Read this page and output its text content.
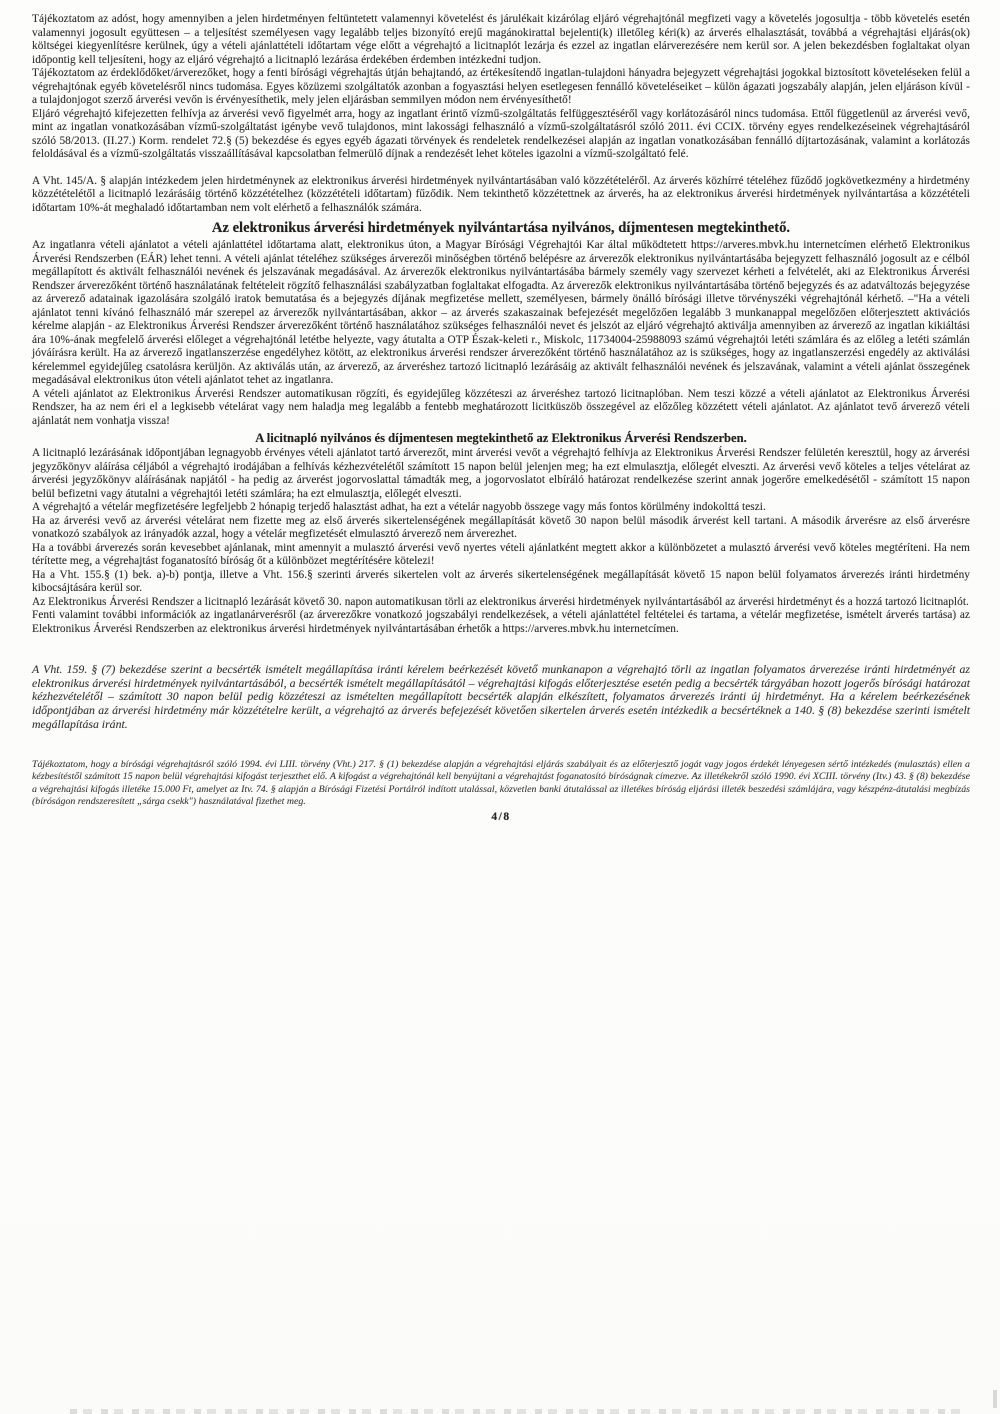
Tájékoztatom az adóst, hogy amennyiben a jelen hirdetményen feltüntetett valamennyi követelést és járulékait kizárólag eljáró végrehajtónál megfizeti vagy a követelés jogosultja - több követelés esetén valamennyi jogosult együttesen – a teljesítést személyesen vagy legalább teljes bizonyító erejű magánokirattal bejelenti(k) illetőleg kéri(k) az árverés elhalasztását, továbbá a végrehajtási eljárás(ok) költségei kiegyenlítésre kerülnek, úgy a vételi ajánlattételi időtartam vége előtt a végrehajtó a licitnaplót lezárja és ezzel az ingatlan elárverezésére nem kerül sor. A jelen bekezdésben foglaltakat olyan időpontig kell teljesíteni, hogy az eljáró végrehajtó a licitnapló lezárása érdekében érdemben intézkedni tudjon.

Tájékoztatom az érdeklődőket/árverezőket, hogy a fenti bírósági végrehajtás útján behajtandó, az értékesítendő ingatlan-tulajdoni hányadra bejegyzett végrehajtási jogokkal biztosított követeléseken felül a végrehajtónak egyéb követelésről nincs tudomása. Egyes közüzemi szolgáltatók azonban a fogyasztási helyen esetlegesen fennálló követeléseiket – külön ágazati jogszabály alapján, jelen eljáráson kívül - a tulajdonjogot szerző árverési vevőn is érvényesíthetik, mely jelen eljárásban semmilyen módon nem érvényesíthető!

Eljáró végrehajtó kifejezetten felhívja az árverési vevő figyelmét arra, hogy az ingatlant érintő vízmű-szolgáltatás felfüggesztéséről vagy korlátozásáról nincs tudomása. Ettől függetlenül az árverési vevő, mint az ingatlan vonatkozásában vízmű-szolgáltatást igénybe vevő tulajdonos, mint lakossági felhasználó a vízmű-szolgáltatásról szóló 2011. évi CCIX. törvény egyes rendelkezéseinek végrehajtásáról szóló 58/2013. (II.27.) Korm. rendelet 72.§ (5) bekezdése és egyes egyéb ágazati törvények és rendeletek rendelkezései alapján az ingatlan vonatkozásában fennálló díjtartozásának, valamint a korlátozás feloldásával és a vízmű-szolgáltatás visszaállításával kapcsolatban felmerülő díjnak a rendezését lehet köteles igazolni a vízmű-szolgáltató felé.

A Vht. 145/A. § alapján intézkedem jelen hirdetménynek az elektronikus árverési hirdetmények nyilvántartásában való közzétételéről. Az árverés közhírré tételéhez fűződő jogkövetkezmény a hirdetmény közzétételétől a licitnapló lezárásáig történő közzétételhez (közzétételi időtartam) fűződik. Nem tekinthető közzétettnek az árverés, ha az elektronikus árverési hirdetmények nyilvántartása a közzétételi időtartam 10%-át meghaladó időtartamban nem volt elérhető a felhasználók számára.

Az elektronikus árverési hirdetmények nyilvántartása nyilvános, díjmentesen megtekinthető.

Az ingatlanra vételi ajánlatot a vételi ajánlattétel időtartama alatt, elektronikus úton, a Magyar Bírósági Végrehajtói Kar által működtetett https://arveres.mbvk.hu internetcímen elérhető Elektronikus Árverési Rendszerben (EÁR) lehet tenni. A vételi ajánlat tételéhez szükséges árverezői minőségben történő belépésre az árverezők elektronikus nyilvántartásába bejegyzett felhasználó jogosult az e célból megállapított és aktivált felhasználói nevének és jelszavának megadásával. Az árverezők elektronikus nyilvántartásába bármely személy vagy szervezet kérheti a felvételét, aki az Elektronikus Árverési Rendszer árverezőként történő használatának feltételeit rögzítő felhasználási szabályzatban foglaltakat elfogadta. Az árverezők elektronikus nyilvántartásába történő bejegyzés és az adatváltozás bejegyzése az árverező adatainak igazolására szolgáló iratok bemutatása és a bejegyzés díjának megfizetése mellett, személyesen, bármely önálló bírósági illetve törvényszéki végrehajtónál kérhető. –"Ha a vételi ajánlatot tenni kívánó felhasználó már szerepel az árverezők nyilvántartásában, akkor – az árverés szakaszainak befejezését megelőzően legalább 3 munkanappal megelőzően előterjesztett aktivációs kérelme alapján - az Elektronikus Árverési Rendszer árverezőként történő használatához szükséges felhasználói nevet és jelszót az eljáró végrehajtó aktiválja amennyiben az árverező az ingatlan kikiáltási ára 10%-ának megfelelő árverési előleget a végrehajtónál letétbe helyezte, vagy átutalta a OTP Észak-keleti r., Miskolc, 11734004-25988093 számú végrehajtói letéti számlára és az előleg a letéti számlán jóváírásra került. Ha az árverező ingatlanszerzése engedélyhez kötött, az elektronikus árverési rendszer árverezőként történő használatához az is szükséges, hogy az ingatlanszerzési engedély az aktiválási kérelemmel egyidejűleg csatolásra kerüljön. Az aktiválás után, az árverező, az árveréshez tartozó licitnapló lezárásáig az aktivált felhasználói nevének és jelszavának, valamint a vételi ajánlat összegének megadásával elektronikus úton vételi ajánlatot tehet az ingatlanra.

A vételi ajánlatot az Elektronikus Árverési Rendszer automatikusan rögzíti, és egyidejűleg közzéteszi az árveréshez tartozó licitnaplóban. Nem teszi közzé a vételi ajánlatot az Elektronikus Árverési Rendszer, ha az nem éri el a legkisebb vételárat vagy nem haladja meg legalább a fentebb meghatározott licitküszöb összegével az előzőleg közzétett vételi ajánlatot. Az ajánlatot tevő árverező vételi ajánlatát nem vonhatja vissza!

A licitnapló nyilvános és díjmentesen megtekinthető az Elektronikus Árverési Rendszerben.

A licitnapló lezárásának időpontjában legnagyobb érvényes vételi ajánlatot tartó árverezőt, mint árverési vevőt a végrehajtó felhívja az Elektronikus Árverési Rendszer felületén keresztül, hogy az árverési jegyzőkönyv aláírása céljából a végrehajtó irodájában a felhívás kézhezvételétől számított 15 napon belül jelenjen meg; ha ezt elmulasztja, előlegét elveszti. Az árverési vevő köteles a teljes vételárat az árverési jegyzőkönyv aláírásának napjától - ha pedig az árverést jogorvoslattal támadták meg, a jogorvoslatot elbíráló határozat rendelkezése szerint annak jogerőre emelkedésétől - számított 15 napon belül befizetni vagy átutalni a végrehajtói letéti számlára; ha ezt elmulasztja, előlegét elveszti.

A végrehajtó a vételár megfizetésére legfeljebb 2 hónapig terjedő halasztást adhat, ha ezt a vételár nagyobb összege vagy más fontos körülmény indokolttá teszi.

Ha az árverési vevő az árverési vételárat nem fizette meg az első árverés sikertelenségének megállapítását követő 30 napon belül második árverést kell tartani. A második árverésre az első árverésre vonatkozó szabályok az irányadók azzal, hogy a vételár megfizetését elmulasztó árverező nem árverezhet.

Ha a további árverezés során kevesebbet ajánlanak, mint amennyit a mulasztó árverési vevő nyertes vételi ajánlatként megtett akkor a különbözetet a mulasztó árverési vevő köteles megtéríteni. Ha nem térítette meg, a végrehajtást foganatosító bíróság őt a különbözet megtérítésére kötelezi!

Ha a Vht. 155.§ (1) bek. a)-b) pontja, illetve a Vht. 156.§ szerinti árverés sikertelen volt az árverés sikertelenségének megállapítását követő 15 napon belül folyamatos árverezés iránti hirdetmény kibocsájtására kerül sor.

Az Elektronikus Árverési Rendszer a licitnapló lezárását követő 30. napon automatikusan törli az elektronikus árverési hirdetmények nyilvántartásából az árverési hirdetményt és a hozzá tartozó licitnaplót.

Fenti valamint további információk az ingatlanárverésről (az árverezőkre vonatkozó jogszabályi rendelkezések, a vételi ajánlattétel feltételei és tartama, a vételár megfizetése, ismételt árverés tartása) az Elektronikus Árverési Rendszerben az elektronikus árverési hirdetmények nyilvántartásában érhetők a https://arveres.mbvk.hu internetcímen.

A Vht. 159. § (7) bekezdése szerint a becsérték ismételt megállapítása iránti kérelem beérkezését követő munkanapon a végrehajtó törli az ingatlan folyamatos árverezése iránti hirdetményét az elektronikus árverési hirdetmények nyilvántartásából, a becsérték ismételt megállapításától – végrehajtási kifogás előterjesztése esetén pedig a becsérték tárgyában hozott jogerős bírósági határozat kézhezvételétől – számított 30 napon belül pedig közzéteszi az ismételten megállapított becsérték alapján elkészített, folyamatos árverezés iránti új hirdetményt. Ha a kérelem beérkezésének időpontjában az árverési hirdetmény már közzétételre került, a végrehajtó az árverés befejezését követően sikertelen árverés esetén intézkedik a becsértéknek a 140. § (8) bekezdése szerinti ismételt megállapítása iránt.

Tájékoztatom, hogy a bírósági végrehajtásról szóló 1994. évi LIII. törvény (Vht.) 217. § (1) bekezdése alapján a végrehajtási eljárás szabályait és az előterjesztő jogát vagy jogos érdekét lényegesen sértő intézkedés (mulasztás) ellen a kézbesítéstől számított 15 napon belül végrehajtási kifogást terjeszthet elő. A kifogást a végrehajtónál kell benyújtani a végrehajtást foganatosító bíróságnak címezve. Az illetékekről szóló 1990. évi XCIII. törvény (Itv.) 43. § (8) bekezdése a végrehajtási kifogás illetéke 15.000 Ft, amelyet az Itv. 74. § alapján a Bírósági Fizetési Portálról indított utalással, közvetlen banki átutalással az illetékes bíróság eljárási illeték beszedési számlájára, vagy készpénz-átutalási megbízás (bíróságon rendszeresített „sárga csekk") használatával fizethet meg.

4/8
